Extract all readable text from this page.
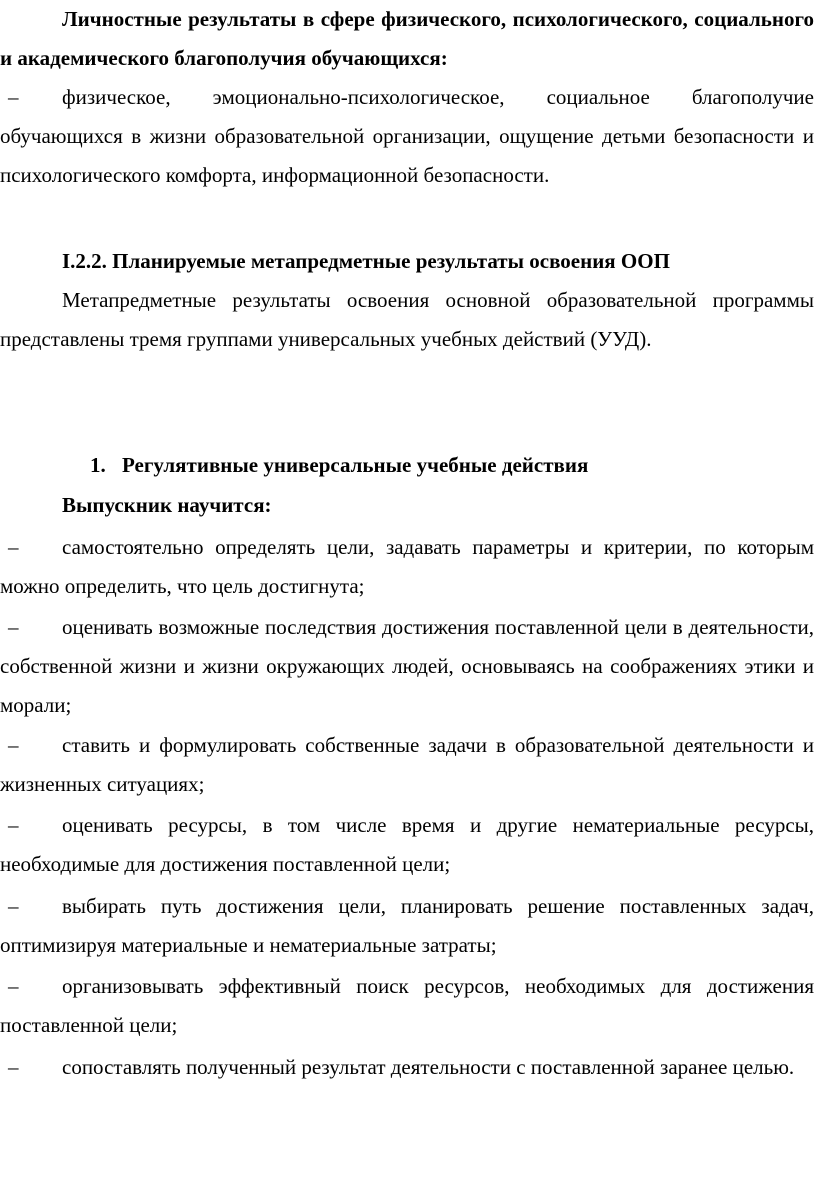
Личностные результаты в сфере физического, психологического, социального и академического благополучия обучающихся:
– физическое, эмоционально-психологическое, социальное благополучие обучающихся в жизни образовательной организации, ощущение детьми безопасности и психологического комфорта, информационной безопасности.
I.2.2. Планируемые метапредметные результаты освоения ООП
Метапредметные результаты освоения основной образовательной программы представлены тремя группами универсальных учебных действий (УУД).
1. Регулятивные универсальные учебные действия
Выпускник научится:
– самостоятельно определять цели, задавать параметры и критерии, по которым можно определить, что цель достигнута;
– оценивать возможные последствия достижения поставленной цели в деятельности, собственной жизни и жизни окружающих людей, основываясь на соображениях этики и морали;
– ставить и формулировать собственные задачи в образовательной деятельности и жизненных ситуациях;
– оценивать ресурсы, в том числе время и другие нематериальные ресурсы, необходимые для достижения поставленной цели;
– выбирать путь достижения цели, планировать решение поставленных задач, оптимизируя материальные и нематериальные затраты;
– организовывать эффективный поиск ресурсов, необходимых для достижения поставленной цели;
– сопоставлять полученный результат деятельности с поставленной заранее целью.
